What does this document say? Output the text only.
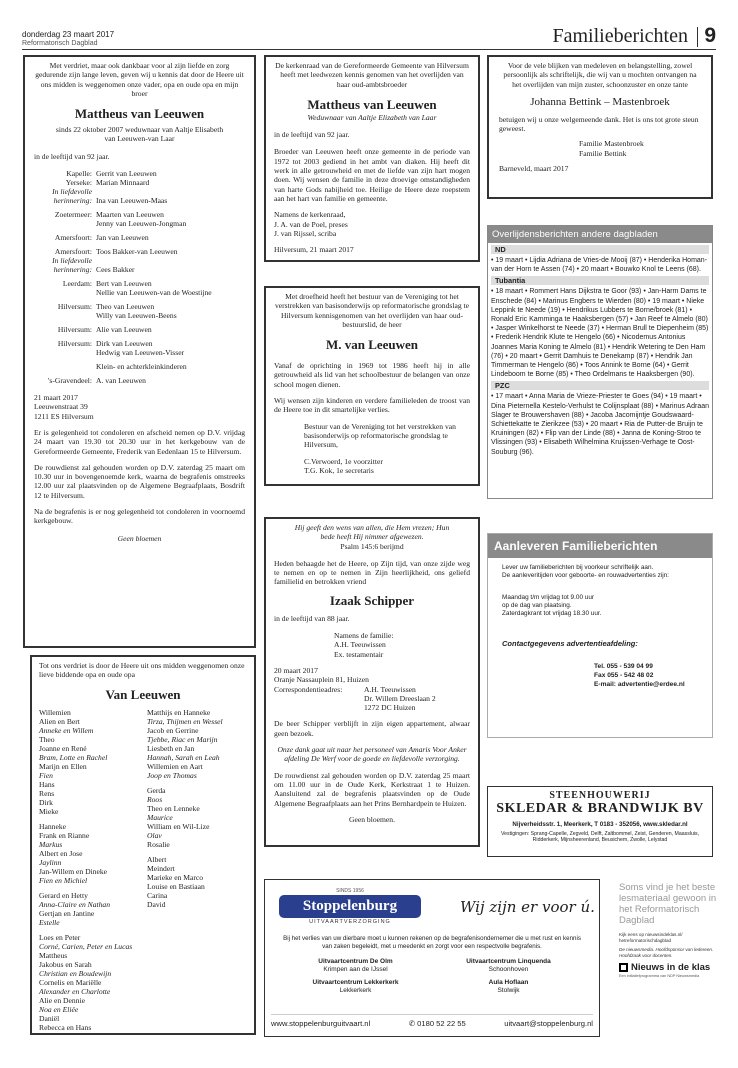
donderdag 23 maart 2017
Reformatorisch Dagblad	Familieberichten 9
Met verdriet, maar ook dankbaar voor al zijn liefde en zorg gedurende zijn lange leven, geven wij u kennis dat door de Heere uit ons midden is weggenomen onze vader, opa en oude opa en mijn broer
Mattheus van Leeuwen
sinds 22 oktober 2007 weduwnaar van Aaltje Elisabeth van Leeuwen-van Laar
in de leeftijd van 92 jaar.
Kapelle: Gerrit van Leeuwen
Yerseke: Marian Minnaard
In liefdevolle
herinnering: Ina van Leeuwen-Maas
Zoetermeer: Maarten van Leeuwen
Jenny van Leeuwen-Jongman
Amersfoort: Jan van Leeuwen
Amersfoort: Toos Bakker-van Leeuwen
In liefdevolle
herinnering: Cees Bakker
Leerdam: Bert van Leeuwen
Nellie van Leeuwen-van de Woestijne
Hilversum: Theo van Leeuwen
Willy van Leeuwen-Beens
Hilversum: Alie van Leeuwen
Hilversum: Dirk van Leeuwen
Hedwig van Leeuwen-Visser
Klein- en achterkleinkinderen
's-Gravendeel: A. van Leeuwen
21 maart 2017
Leeuwenstraat 39
1211 ES Hilversum
Er is gelegenheid tot condoleren en afscheid nemen op D.V. vrijdag 24 maart van 19.30 tot 20.30 uur in het kerkgebouw van de Gereformeerde Gemeente, Frederik van Eedenlaan 15 te Hilversum.
De rouwdienst zal gehouden worden op D.V. zaterdag 25 maart om 10.30 uur in bovengenoemde kerk, waarna de begrafenis omstreeks 12.00 uur zal plaatsvinden op de Algemene Begraafplaats, Bosdrift 12 te Hilversum.
Na de begrafenis is er nog gelegenheid tot condoleren in voornoemd kerkgebouw.
Geen bloemen
De kerkenraad van de Gereformeerde Gemeente van Hilversum heeft met leedwezen kennis genomen van het overlijden van haar oud-ambtsbroeder
Mattheus van Leeuwen
Weduwnaar van Aaltje Elizabeth van Laar
in de leeftijd van 92 jaar.
Broeder van Leeuwen heeft onze gemeente in de periode van 1972 tot 2003 gediend in het ambt van diaken. Hij heeft dit werk in alle getrouwheid en met de liefde van zijn hart mogen doen. Wij wensen de familie in deze droevige omstandigheden van harte Gods nabijheid toe. Heilige de Heere deze roepstem aan het hart van familie en gemeente.
Namens de kerkenraad,
J. A. van de Poel, preses
J. van Rijssel, scriba
Hilversum, 21 maart 2017
Met droefheid heeft het bestuur van de Vereniging tot het verstrekken van basisonderwijs op reformatorische grondslag te Hilversum kennisgenomen van het overlijden van haar oud-bestuurslid, de heer
M. van Leeuwen
Vanaf de oprichting in 1969 tot 1986 heeft hij in alle getrouwheid als lid van het schoolbestuur de belangen van onze school mogen dienen.
Wij wensen zijn kinderen en verdere familieleden de troost van de Heere toe in dit smartelijke verlies.
Bestuur van de Vereniging tot het verstrekken van basisonderwijs op reformatorische grondslag te Hilversum,
C.Verwoerd, 1e voorzitter
T.G. Kok, 1e secretaris
Hij geeft den wens van allen, die Hem vrezen; Hun bede heeft Hij nimmer afgewezen.
Psalm 145:6 berijmd
Heden behaagde het de Heere, op Zijn tijd, van onze zijde weg te nemen en op te nemen in Zijn heerlijkheid, ons geliefd familielid en betrokken vriend
Izaak Schipper
in de leeftijd van 88 jaar.
Namens de familie:
A.H. Teeuwissen
Ex. testamentair
20 maart 2017
Oranje Nassauplein 81, Huizen
Correspondentieadres:	A.H. Teeuwissen
Dr. Willem Dreeslaan 2
1272 DC Huizen
De beer Schipper verblijft in zijn eigen appartement, alwaar geen bezoek.
Onze dank gaat uit naar het personeel van Amaris Voor Anker afdeling De Werf voor de goede en liefdevolle verzorging.
De rouwdienst zal gehouden worden op D.V. zaterdag 25 maart om 11.00 uur in de Oude Kerk, Kerkstraat 1 te Huizen. Aansluitend zal de begrafenis plaatsvinden op de Oude Algemene Begraafplaats aan het Prins Bernhardpein te Huizen.
Geen bloemen.
Voor de vele blijken van medeleven en belangstelling, zowel persoonlijk als schriftelijk, die wij van u mochten ontvangen na het overlijden van mijn zuster, schoonzuster en onze tante
Johanna Bettink – Mastenbroek
betuigen wij u onze welgemeende dank. Het is ons tot grote steun geweest.
Familie Mastenbroek
Familie Bettink
Barneveld, maart 2017
Overlijdensberichten andere dagbladen
ND
• 19 maart • Lijdia Adriana de Vries-de Mooij (87) • Henderika Homan-van der Horn te Assen (74) • 20 maart • Bouwko Knol te Leens (68).
Tubantia
• 18 maart • Rommert Hans Dijkstra te Goor (93) • Jan-Harm Dams te Enschede (84) • Marinus Engbers te Wierden (80) • 19 maart • Nieke Leppink te Neede (19) • Hendrikus Lubbers te Borne/broek (81) • Ronald Eric Kamminga te Haaksbergen (57) • Jan Reef te Almelo (80) • Jasper Winkelhorst te Neede (37) • Herman Brull te Diepenheim (85) • Frederik Hendrik Klute te Hengelo (66) • Nicodemus Antonius Joannes Maria Koning te Almelo (81) • Hendrik Wetering te Den Ham (76) • 20 maart • Gerrit Damhuis te Denekamp (87) • Hendrik Jan Timmerman te Hengelo (86) • Toos Annink te Borne (64) • Gerrit Lindeboom te Borne (85) • Theo Ordelmans te Haaksbergen (90).
PZC
• 17 maart • Anna Maria de Vrieze-Priester te Goes (94) • 19 maart • Dina Pieternella Kestelo-Verhulst te Colijnsplaat (88) • Marinus Adraan Slager te Brouwershaven (88) • Jacoba Jacomijntje Goudswaard-Schiettekatte te Zierikzee (53) • 20 maart • Ria de Putter-de Bruijn te Kruiningen (82) • Flip van der Linde (88) • Janna de Koning-Stroo te Vlissingen (93) • Elisabeth Wilhelmina Kruijssen-Verhage te Oost-Souburg (96).
Aanleveren Familieberichten
Lever uw familieberichten bij voorkeur schriftelijk aan.
De aanleveritijden voor geboorte- en rouwadvertenties zijn:
Maandag t/m vrijdag tot 9.00 uur
op de dag van plaatsing.
Zaterdagkrant tot vrijdag 18.30 uur.
Contactgegevens advertentieafdeling:
Tel. 055 - 539 04 99
Fax 055 - 542 48 02
E-mail: advertentie@erdee.nl
STEENHOUWERIJ
SKLEDAR & BRANDWIJK BV
Nijverheidsstr. 1, Meerkerk, T 0183 - 352056, www.skledar.nl
Vestigingen: Sprang-Capelle, Zegveld, Delft, Zaltbommel, Zeist, Genderen, Maassluis, Ridderkerk, Mijnsheerenland, Beusichem, Zwolle, Lelystad
SINDS 1956
Stoppelenburg
UITVAARTVERZORGING
Wij zijn er voor ú.
Bij het verlies van uw dierbare moet u kunnen rekenen op de begrafenisondernemer die u met rust en kennis van zaken begeleidt, met u meedenkt en zorgt voor een respectvolle begrafenis.
Uitvaartcentrum De Olm
Krimpen aan de IJssel
Uitvaartcentrum Linquenda
Schoonhoven
Uitvaartcentrum Lekkerkerk
Lekkerkerk
Aula Hoflaan
Stolwijk
www.stoppelenburguitvaart.nl	✆ 0180 52 22 55	uitvaart@stoppelenburg.nl
Soms vind je het beste lesmateriaal gewoon in het Reformatorisch Dagblad
Kijk eens op nieuwsindeklas.nl/ hetreformatorischdagblad
De nieuwsmedia. Hoofdsponsor van ledereen. Hoofdzaak voor docenten.
Nieuws in de klas
Een initiatiefprogramma van NDP Nieuwsmedia
Tot ons verdriet is door de Heere uit ons midden weggenomen onze lieve biddende opa en oude opa
Van Leeuwen
Willemien
Alien en Bert
Anneke en Willem
Theo
Joanne en René
Bram, Lotte en Rachel
Marijn en Ellen
Fien
Hans
Rens
Dirk
Mieke
Hanneke
Frank en Rianne
Markus
Albert en Jose
Jaylinn
Jan-Willem en Dineke
Fien en Michiel
Gerard en Hetty
Anna-Claire en Nathan
Gertjan en Jantine
Estelle
Loes en Peter
Corné, Carien, Peter en Lucas
Mattheus
Jakobus en Sarah
Christian en Boudewijn
Cornelis en Mariëlle
Alexander en Charlotte
Alie en Dennie
Noa en Eliëe
Daniël
Rebecca en Hans
Matthijs en Hanneke
Tirza, Thijmen en Wessel
Jacob en Gerrine
Tjebbe, Riac en Marijn
Liesbeth en Jan
Hannah, Sarah en Leah
Willemien en Aart
Joop en Thomas
Gerda
Roos
Theo en Lenneke
Maurice
William en Wil-Lize
Olav
Rosalie
Albert
Meindert
Marieke en Marco
Louise en Bastiaan
Carina
David
